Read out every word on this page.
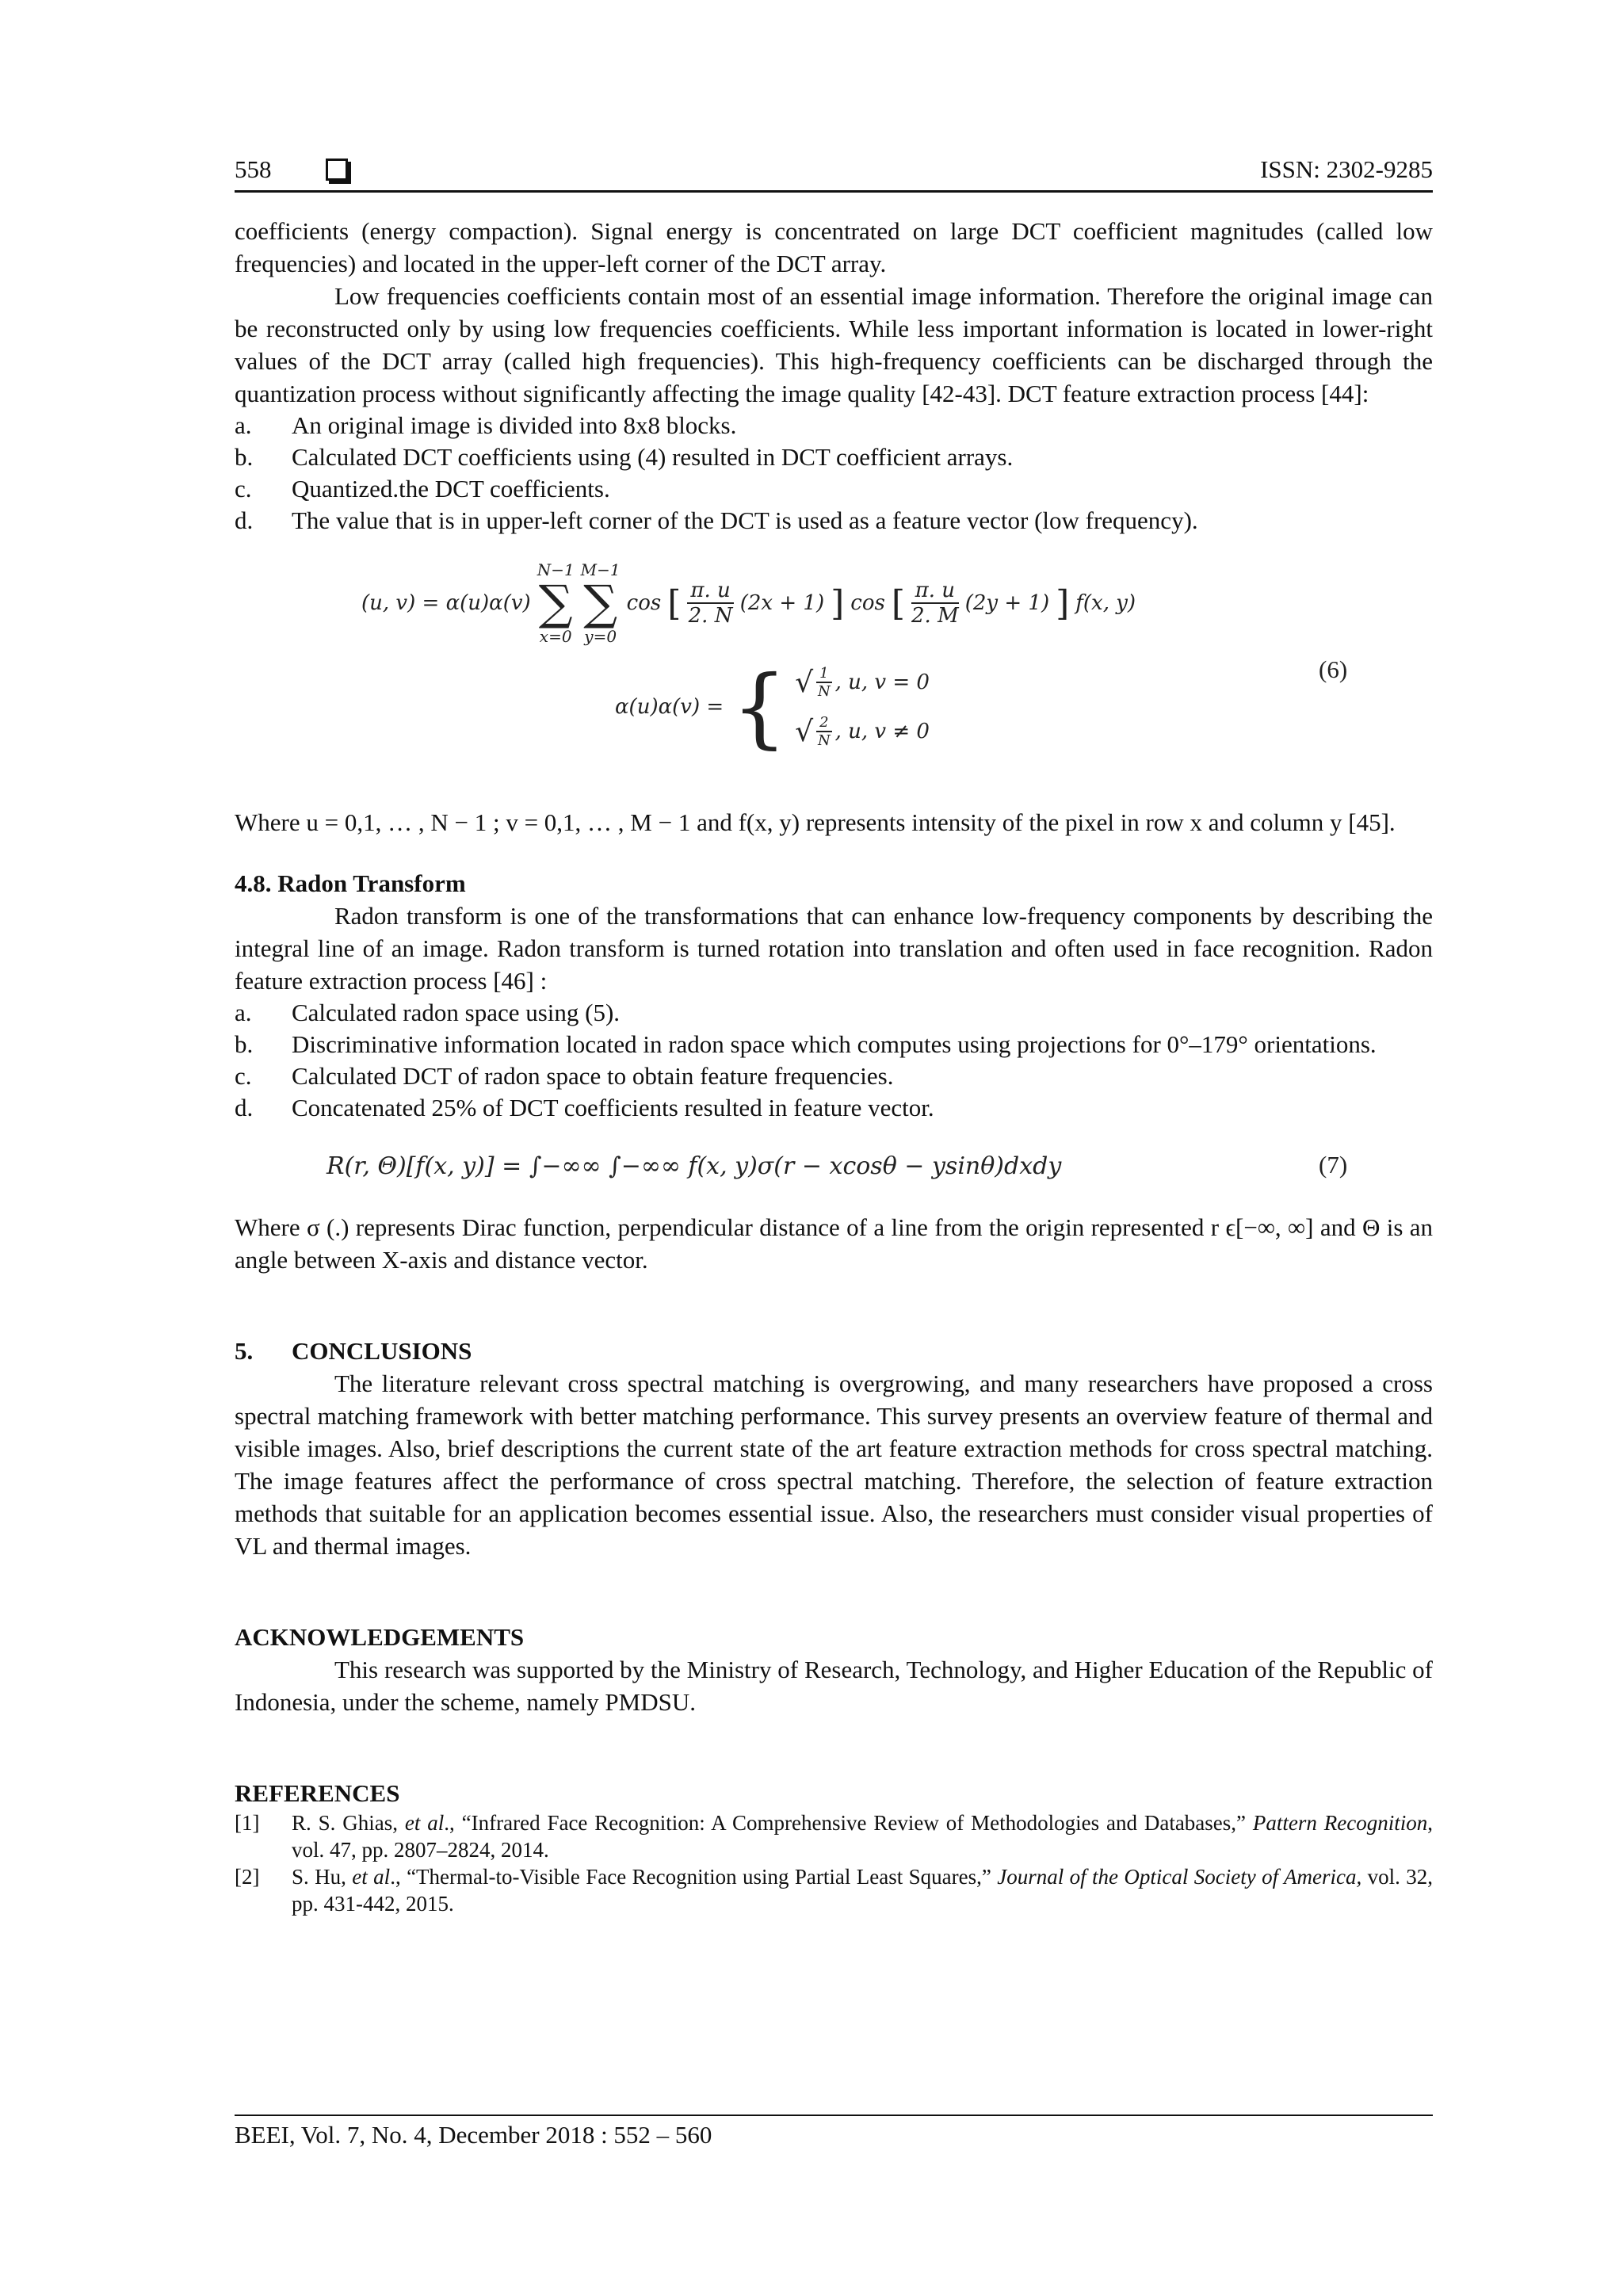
558	ISSN: 2302-9285

coefficients (energy compaction). Signal energy is concentrated on large DCT coefficient magnitudes (called low frequencies) and located in the upper-left corner of the DCT array.

Low frequencies coefficients contain most of an essential image information. Therefore the original image can be reconstructed only by using low frequencies coefficients. While less important information is located in lower-right values of the DCT array (called high frequencies). This high-frequency coefficients can be discharged through the quantization process without significantly affecting the image quality [42-43]. DCT feature extraction process [44]:

a. An original image is divided into 8x8 blocks.
b. Calculated DCT coefficients using (4) resulted in DCT coefficient arrays.
c. Quantized.the DCT coefficients.
d. The value that is in upper-left corner of the DCT is used as a feature vector (low frequency).
(u, v) = α(u)α(v)
N−1
∑
x=0
M−1
∑
y=0
cos [ $\frac{\pi. u}{2. N} (2x + 1)$ ] cos [ $\frac{\pi. u}{2. M} (2y + 1)$ ] f(x, y)
α(u)α(v) = { √ $\frac{1}{N}$ , u, v = 0
√ $\frac{2}{N}$ , u, v ≠ 0
(6)

Where u = 0,1, … , N − 1 ; v = 0,1, … , M − 1 and f(x, y) represents intensity of the pixel in row x and column y [45].

4.8. Radon Transform

Radon transform is one of the transformations that can enhance low-frequency components by describing the integral line of an image. Radon transform is turned rotation into translation and often used in face recognition. Radon feature extraction process [46] :

a. Calculated radon space using (5).
b. Discriminative information located in radon space which computes using projections for 0°–179° orientations.
c. Calculated DCT of radon space to obtain feature frequencies.
d. Concatenated 25% of DCT coefficients resulted in feature vector.
R(r, Θ)[f(x, y)] = ∫−∞∞ ∫−∞∞ f(x, y)σ(r − xcosθ − ysinθ)dxdy	(7)

Where σ (.) represents Dirac function, perpendicular distance of a line from the origin represented r ϵ[−∞, ∞] and Θ is an angle between X-axis and distance vector.

5.	CONCLUSIONS

The literature relevant cross spectral matching is overgrowing, and many researchers have proposed a cross spectral matching framework with better matching performance. This survey presents an overview feature of thermal and visible images. Also, brief descriptions the current state of the art feature extraction methods for cross spectral matching. The image features affect the performance of cross spectral matching. Therefore, the selection of feature extraction methods that suitable for an application becomes essential issue. Also, the researchers must consider visual properties of VL and thermal images.

ACKNOWLEDGEMENTS

This research was supported by the Ministry of Research, Technology, and Higher Education of the Republic of Indonesia, under the scheme, namely PMDSU.

REFERENCES
[1] R. S. Ghias, et al., “Infrared Face Recognition: A Comprehensive Review of Methodologies and Databases,” Pattern Recognition, vol. 47, pp. 2807–2824, 2014.
[2] S. Hu, et al., “Thermal-to-Visible Face Recognition using Partial Least Squares,” Journal of the Optical Society of America, vol. 32, pp. 431-442, 2015.
BEEI, Vol. 7, No. 4, December 2018 : 552 – 560
